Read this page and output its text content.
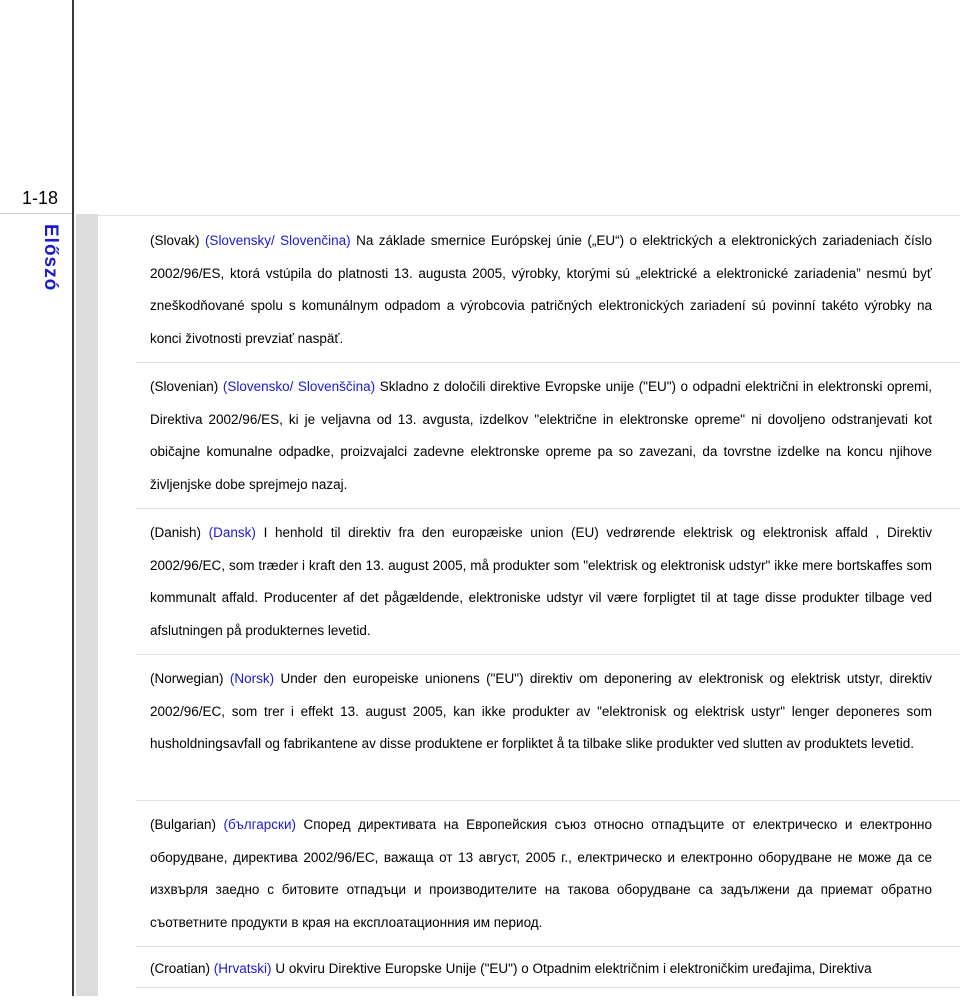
1-18
Előszó	(Slovak) (Slovensky/ Slovenčina) Na základe smernice Európskej únie („EU“) o elektrických a elektronických zariadeniach číslo 2002/96/ES, ktorá vstúpila do platnosti 13. augusta 2005, výrobky, ktorými sú „elektrické a elektronické zariadenia” nesmú byť zneškodňované spolu s komunálnym odpadom a výrobcovia patričných elektronických zariadení sú povinní takéto výrobky na konci životnosti prevziať naspäť.

(Slovenian) (Slovensko/ Slovenščina) Skladno z določili direktive Evropske unije ("EU") o odpadni električni in elektronski opremi, Direktiva 2002/96/ES, ki je veljavna od 13. avgusta, izdelkov "električne in elektronske opreme" ni dovoljeno odstranjevati kot običajne komunalne odpadke, proizvajalci zadevne elektronske opreme pa so zavezani, da tovrstne izdelke na koncu njihove življenjske dobe sprejmejo nazaj.

(Danish) (Dansk) I henhold til direktiv fra den europæiske union (EU) vedrørende elektrisk og elektronisk affald , Direktiv 2002/96/EC, som træder i kraft den 13. august 2005, må produkter som "elektrisk og elektronisk udstyr" ikke mere bortskaffes som kommunalt affald. Producenter af det pågældende, elektroniske udstyr vil være forpligtet til at tage disse produkter tilbage ved afslutningen på produkternes levetid.

(Norwegian) (Norsk) Under den europeiske unionens ("EU") direktiv om deponering av elektronisk og elektrisk utstyr, direktiv 2002/96/EC, som trer i effekt 13. august 2005, kan ikke produkter av "elektronisk og elektrisk ustyr" lenger deponeres som husholdningsavfall og fabrikantene av disse produktene er forpliktet å ta tilbake slike produkter ved slutten av produktets levetid.

(Bulgarian) (български) Според директивата на Европейския съюз относно отпадъците от електрическо и електронно оборудване, директива 2002/96/EC, важаща от 13 август, 2005 г., електрическо и електронно оборудване не може да се изхвърля заедно с битовите отпадъци и производителите на такова оборудване са задължени да приемат обратно съответните продукти в края на експлоатационния им период.

(Croatian) (Hrvatski) U okviru Direktive Europske Unije ("EU") o Otpadnim električnim i elektroničkim uređajima, Direktiva
